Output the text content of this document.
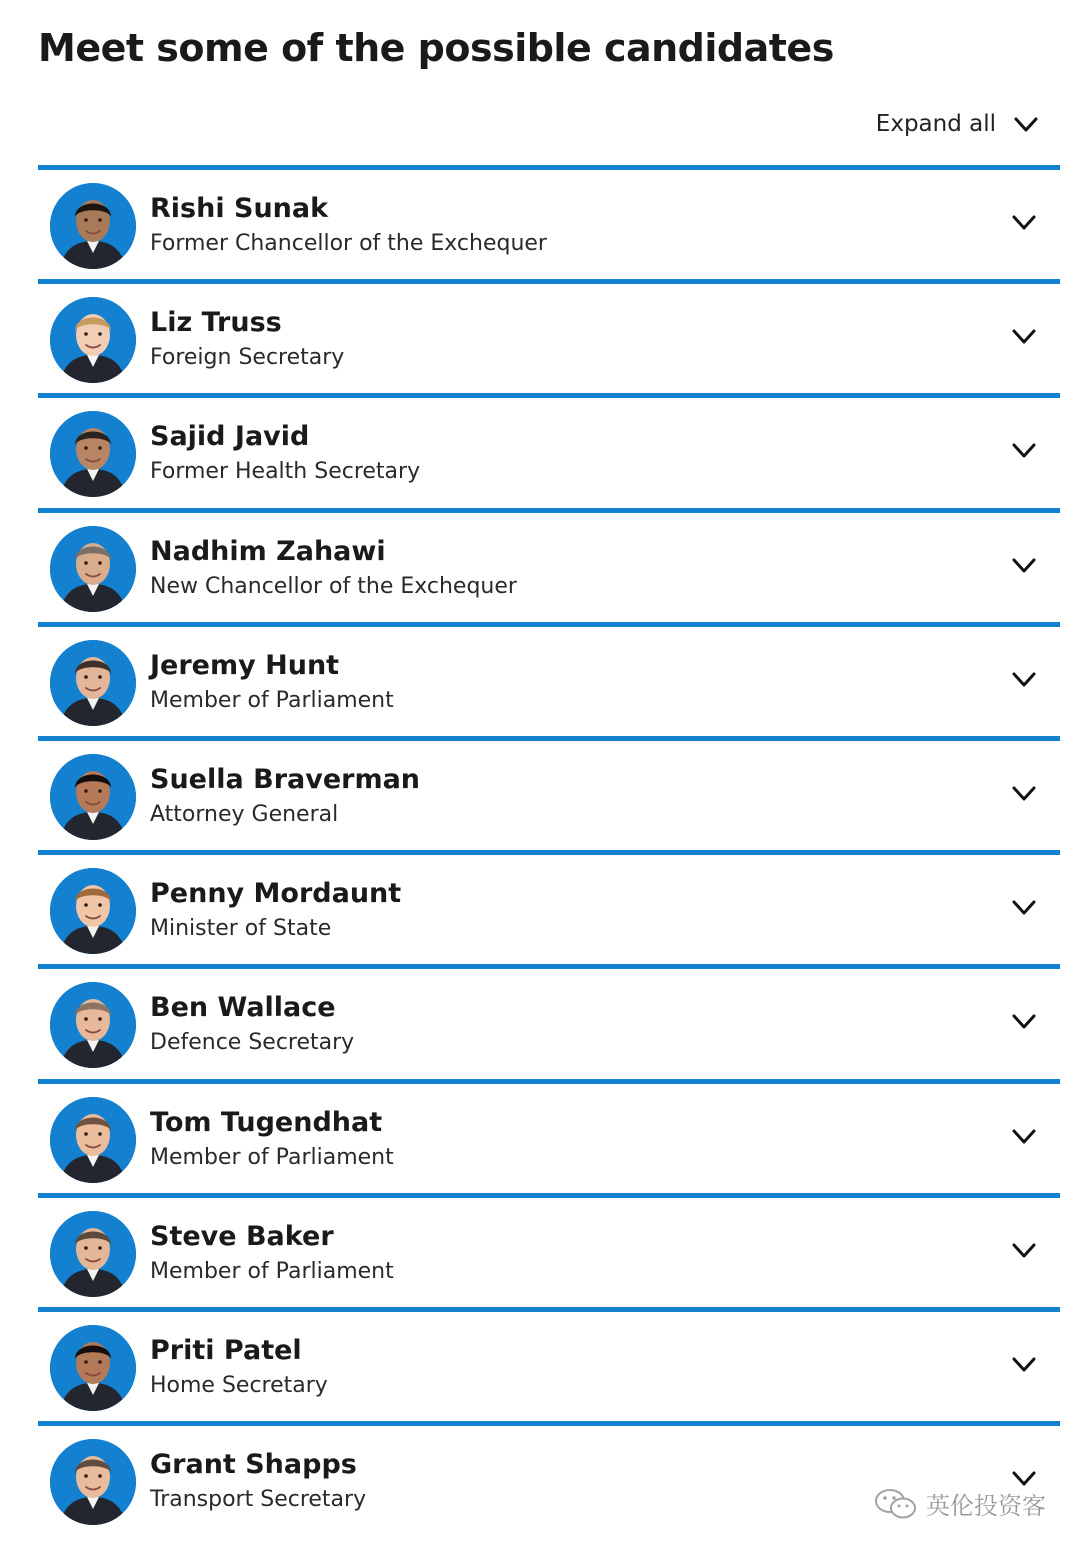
Meet some of the possible candidates
Expand all
Rishi Sunak
Former Chancellor of the Exchequer
Liz Truss
Foreign Secretary
Sajid Javid
Former Health Secretary
Nadhim Zahawi
New Chancellor of the Exchequer
Jeremy Hunt
Member of Parliament
Suella Braverman
Attorney General
Penny Mordaunt
Minister of State
Ben Wallace
Defence Secretary
Tom Tugendhat
Member of Parliament
Steve Baker
Member of Parliament
Priti Patel
Home Secretary
Grant Shapps
Transport Secretary	英伦投资客
